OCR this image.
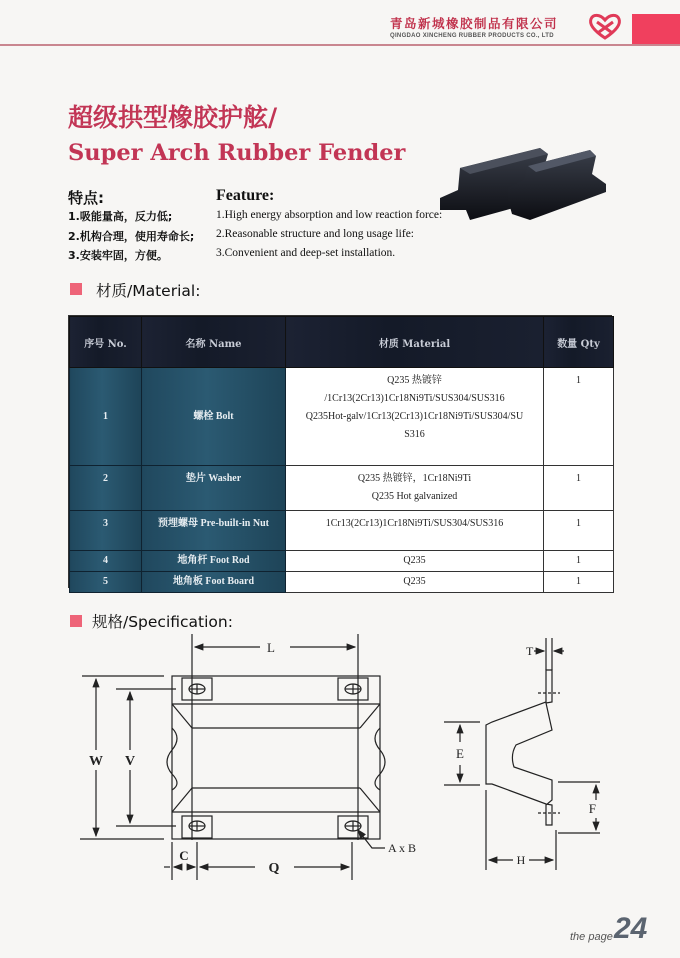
青岛新城橡胶制品有限公司
QINGDAO XINCHENG RUBBER PRODUCTS CO., LTD
超级拱型橡胶护舷/
Super Arch Rubber Fender
特点:	Feature:
1.吸能量高，反力低;
2.机构合理，使用寿命长;
3.安装牢固，方便。
1.High energy absorption and low reaction force:
2.Reasonable structure and long usage life:
3.Convenient and deep-set installation.
材质/Material:
序号 No.	名称 Name	材质 Material	数量 Qty
1	螺栓 Bolt	Q235 热镀锌
/1Cr13(2Cr13)1Cr18Ni9Ti/SUS304/SUS316
Q235Hot-galv/1Cr13(2Cr13)1Cr18Ni9Ti/SUS304/SU
S316	1
2	垫片 Washer	Q235 热镀锌，1Cr18Ni9Ti
Q235 Hot galvanized	1
3	预埋螺母 Pre-built-in Nut	1Cr13(2Cr13)1Cr18Ni9Ti/SUS304/SUS316	1
4	地角杆 Foot Rod	Q235	1
5	地角板 Foot Board	Q235	1
规格/Specification:
L
W V
C
Q
A x B
T
E
F
H
the page 24
